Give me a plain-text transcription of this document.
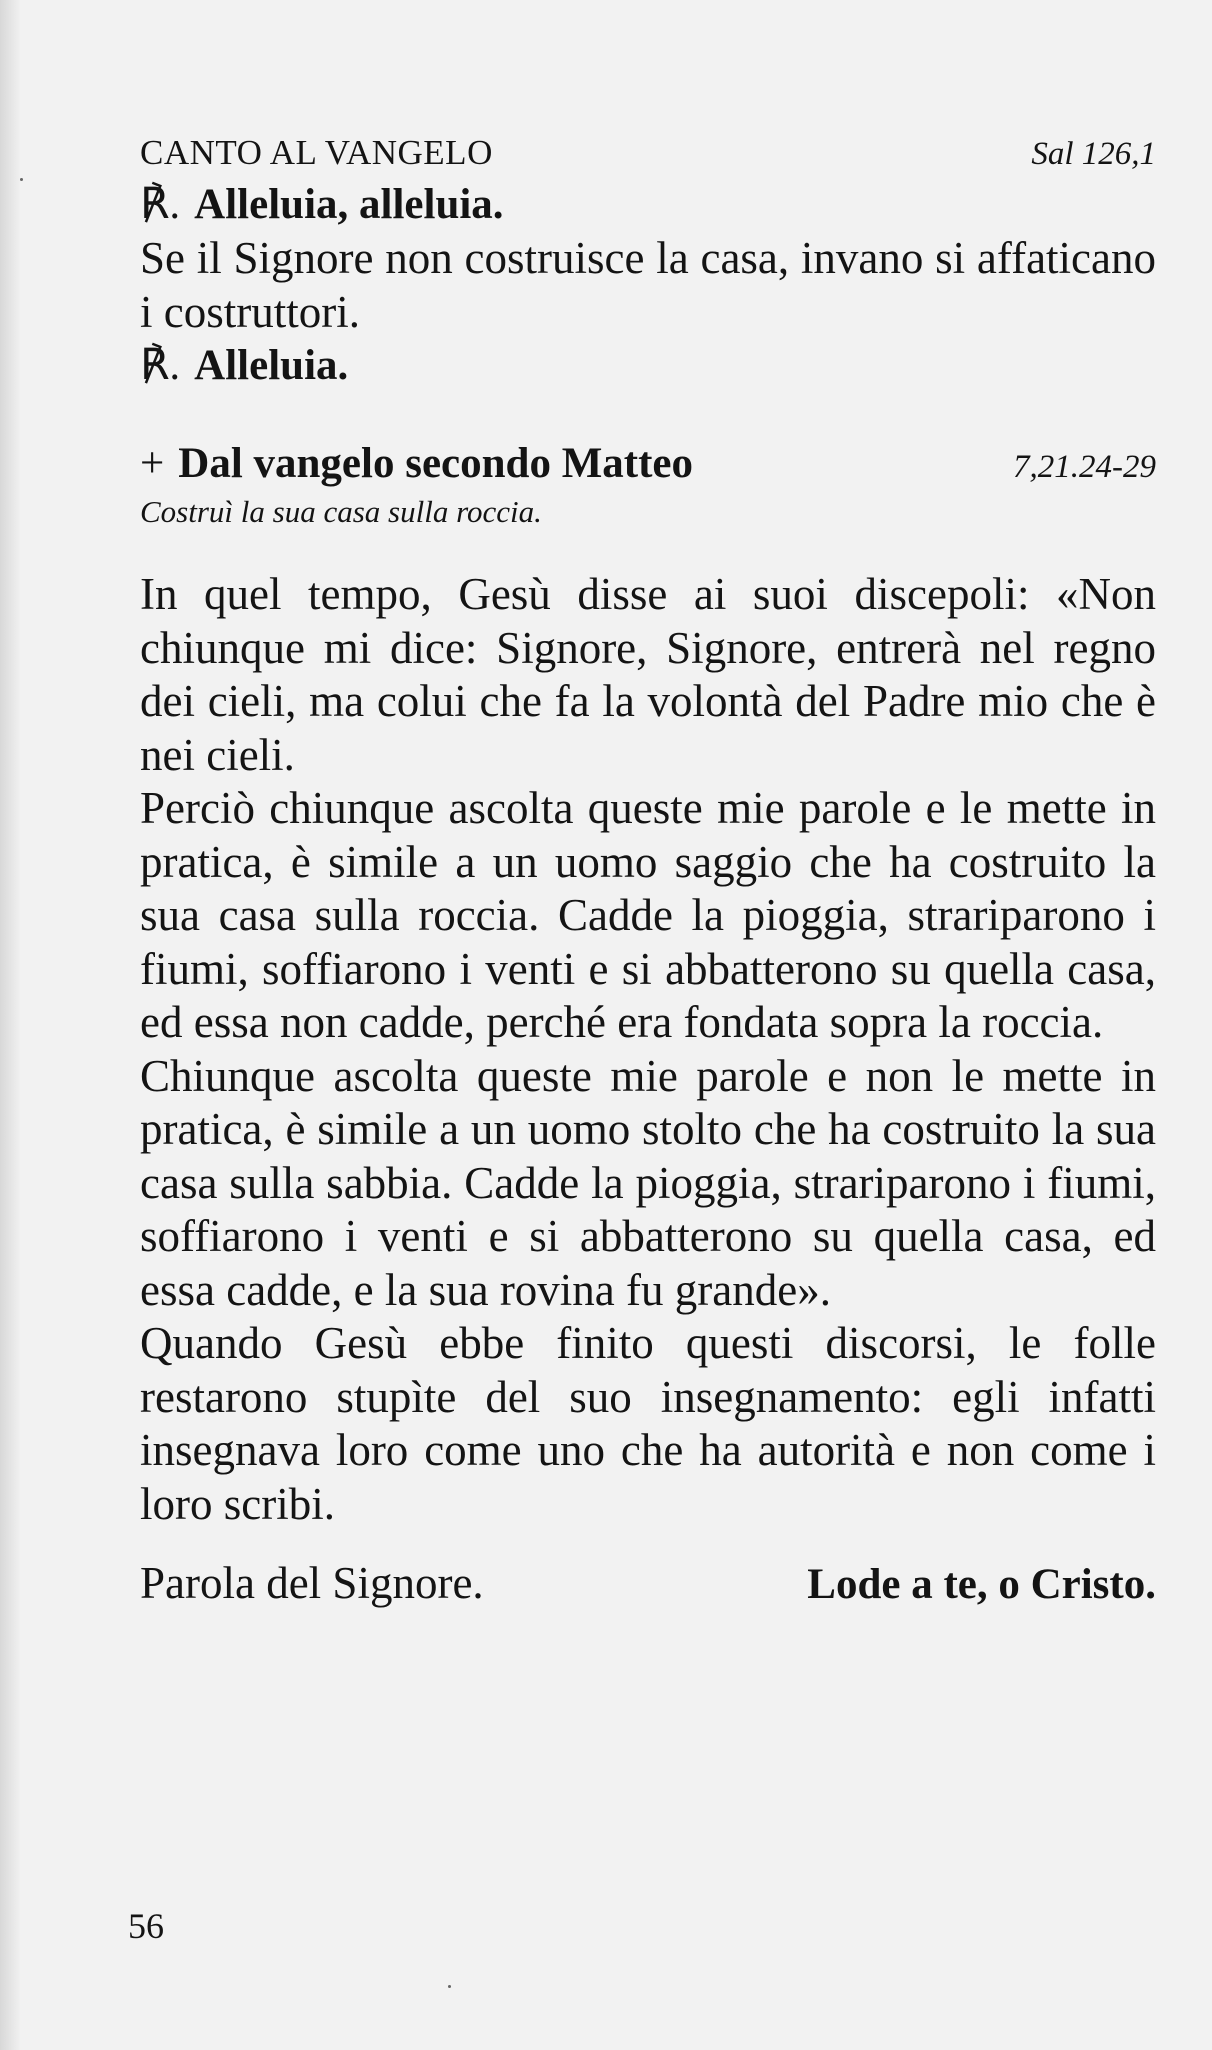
CANTO AL VANGELO	Sal 126,1
℟. Alleluia, alleluia.

Se il Signore non costruisce la casa, invano si affaticano i costruttori.

℟. Alleluia.
+ Dal vangelo secondo Matteo	7,21.24-29
Costruì la sua casa sulla roccia.

In quel tempo, Gesù disse ai suoi discepoli: «Non chiunque mi dice: Signore, Signore, entrerà nel regno dei cieli, ma colui che fa la volontà del Padre mio che è nei cieli.

Perciò chiunque ascolta queste mie parole e le mette in pratica, è simile a un uomo saggio che ha costruito la sua casa sulla roccia. Cadde la pioggia, strariparono i fiumi, soffiarono i venti e si abbatterono su quella casa, ed essa non cadde, perché era fondata sopra la roccia.

Chiunque ascolta queste mie parole e non le mette in pratica, è simile a un uomo stolto che ha costruito la sua casa sulla sabbia. Cadde la pioggia, strariparono i fiumi, soffiarono i venti e si abbatterono su quella casa, ed essa cadde, e la sua rovina fu grande».

Quando Gesù ebbe finito questi discorsi, le folle restarono stupìte del suo insegnamento: egli infatti insegnava loro come uno che ha autorità e non come i loro scribi.

Parola del Signore.	Lode a te, o Cristo.
56
